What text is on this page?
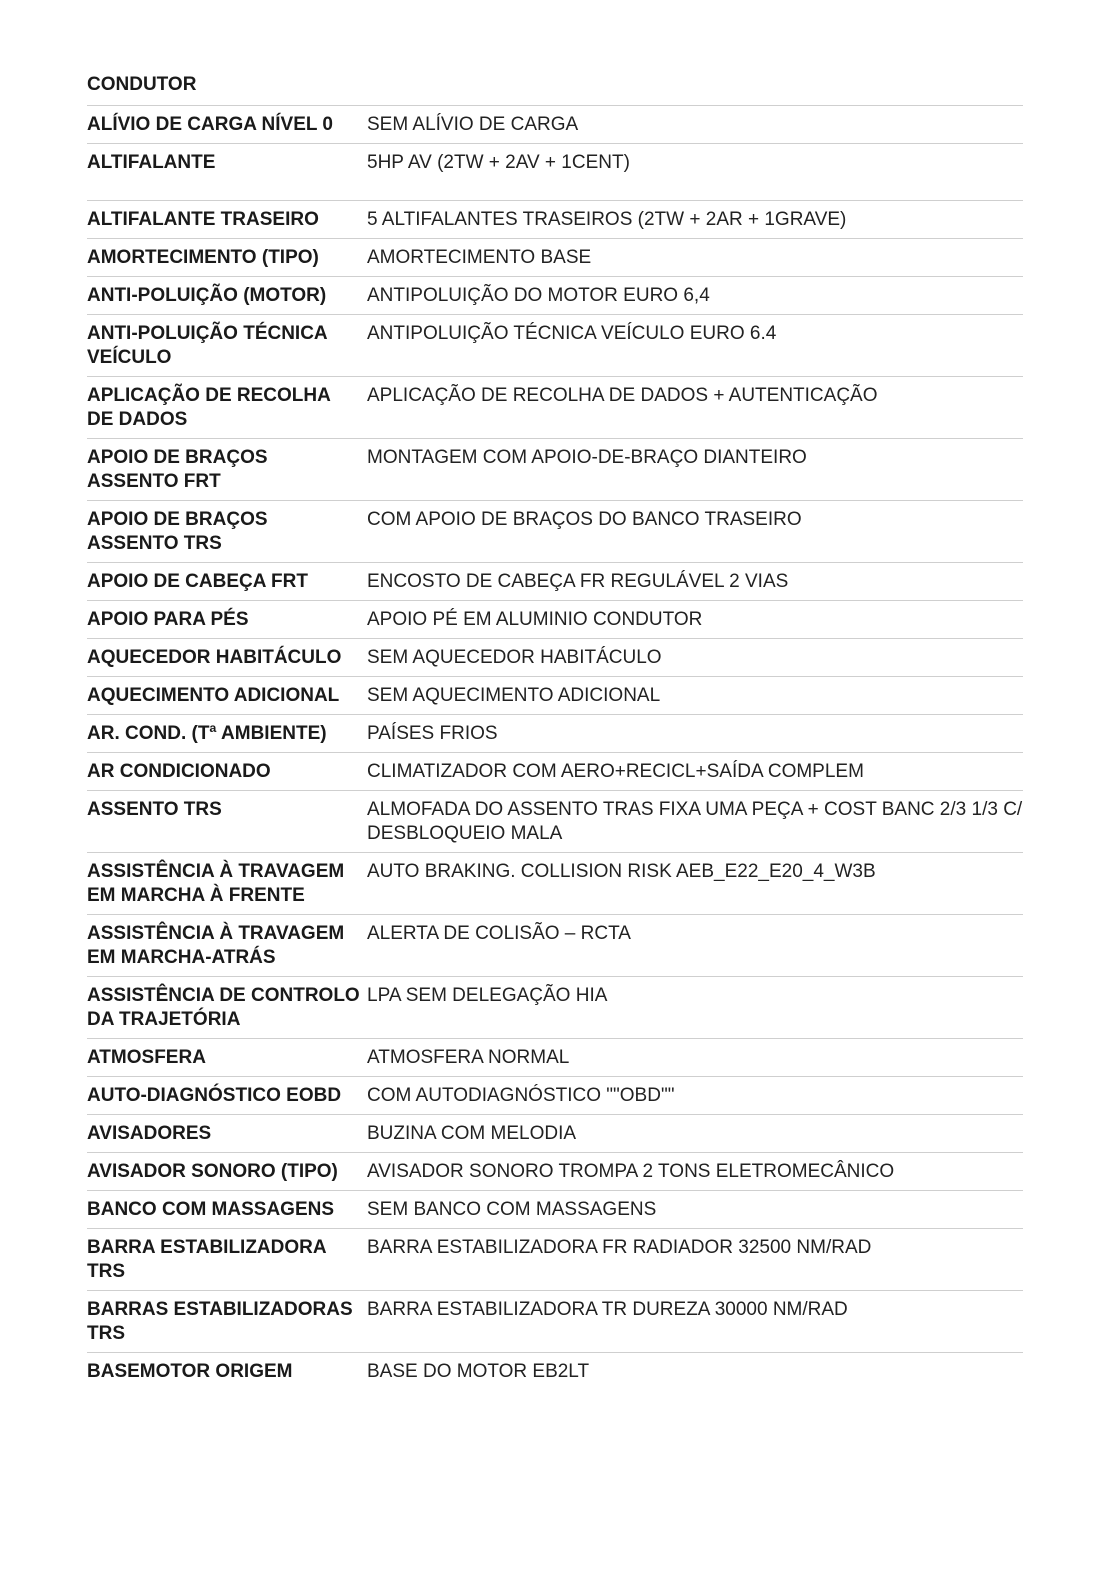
CONDUTOR
ALÍVIO DE CARGA NÍVEL 0	SEM ALÍVIO DE CARGA
ALTIFALANTE	5HP AV (2TW + 2AV + 1CENT)
ALTIFALANTE TRASEIRO	5 ALTIFALANTES TRASEIROS (2TW + 2AR + 1GRAVE)
AMORTECIMENTO (TIPO)	AMORTECIMENTO BASE
ANTI-POLUIÇÃO (MOTOR)	ANTIPOLUIÇÃO DO MOTOR EURO 6,4
ANTI-POLUIÇÃO TÉCNICA VEÍCULO	ANTIPOLUIÇÃO TÉCNICA VEÍCULO EURO 6.4
APLICAÇÃO DE RECOLHA DE DADOS	APLICAÇÃO DE RECOLHA DE DADOS + AUTENTICAÇÃO
APOIO DE BRAÇOS ASSENTO FRT	MONTAGEM COM APOIO-DE-BRAÇO DIANTEIRO
APOIO DE BRAÇOS ASSENTO TRS	COM APOIO DE BRAÇOS DO BANCO TRASEIRO
APOIO DE CABEÇA FRT	ENCOSTO DE CABEÇA FR REGULÁVEL 2 VIAS
APOIO PARA PÉS	APOIO PÉ EM ALUMINIO CONDUTOR
AQUECEDOR HABITÁCULO	SEM AQUECEDOR HABITÁCULO
AQUECIMENTO ADICIONAL	SEM AQUECIMENTO ADICIONAL
AR. COND. (Tª AMBIENTE)	PAÍSES FRIOS
AR CONDICIONADO	CLIMATIZADOR COM AERO+RECICL+SAÍDA COMPLEM
ASSENTO TRS	ALMOFADA DO ASSENTO TRAS FIXA UMA PEÇA + COST BANC 2/3 1/3 C/ DESBLOQUEIO MALA
ASSISTÊNCIA À TRAVAGEM EM MARCHA À FRENTE	AUTO BRAKING. COLLISION RISK AEB_E22_E20_4_W3B
ASSISTÊNCIA À TRAVAGEM EM MARCHA-ATRÁS	ALERTA DE COLISÃO – RCTA
ASSISTÊNCIA DE CONTROLO DA TRAJETÓRIA	LPA SEM DELEGAÇÃO HIA
ATMOSFERA	ATMOSFERA NORMAL
AUTO-DIAGNÓSTICO EOBD	COM AUTODIAGNÓSTICO ""OBD""
AVISADORES	BUZINA COM MELODIA
AVISADOR SONORO (TIPO)	AVISADOR SONORO TROMPA 2 TONS ELETROMECÂNICO
BANCO COM MASSAGENS	SEM BANCO COM MASSAGENS
BARRA ESTABILIZADORA TRS	BARRA ESTABILIZADORA FR RADIADOR 32500 NM/RAD
BARRAS ESTABILIZADORAS TRS	BARRA ESTABILIZADORA TR DUREZA 30000 NM/RAD
BASEMOTOR ORIGEM	BASE DO MOTOR EB2LT
